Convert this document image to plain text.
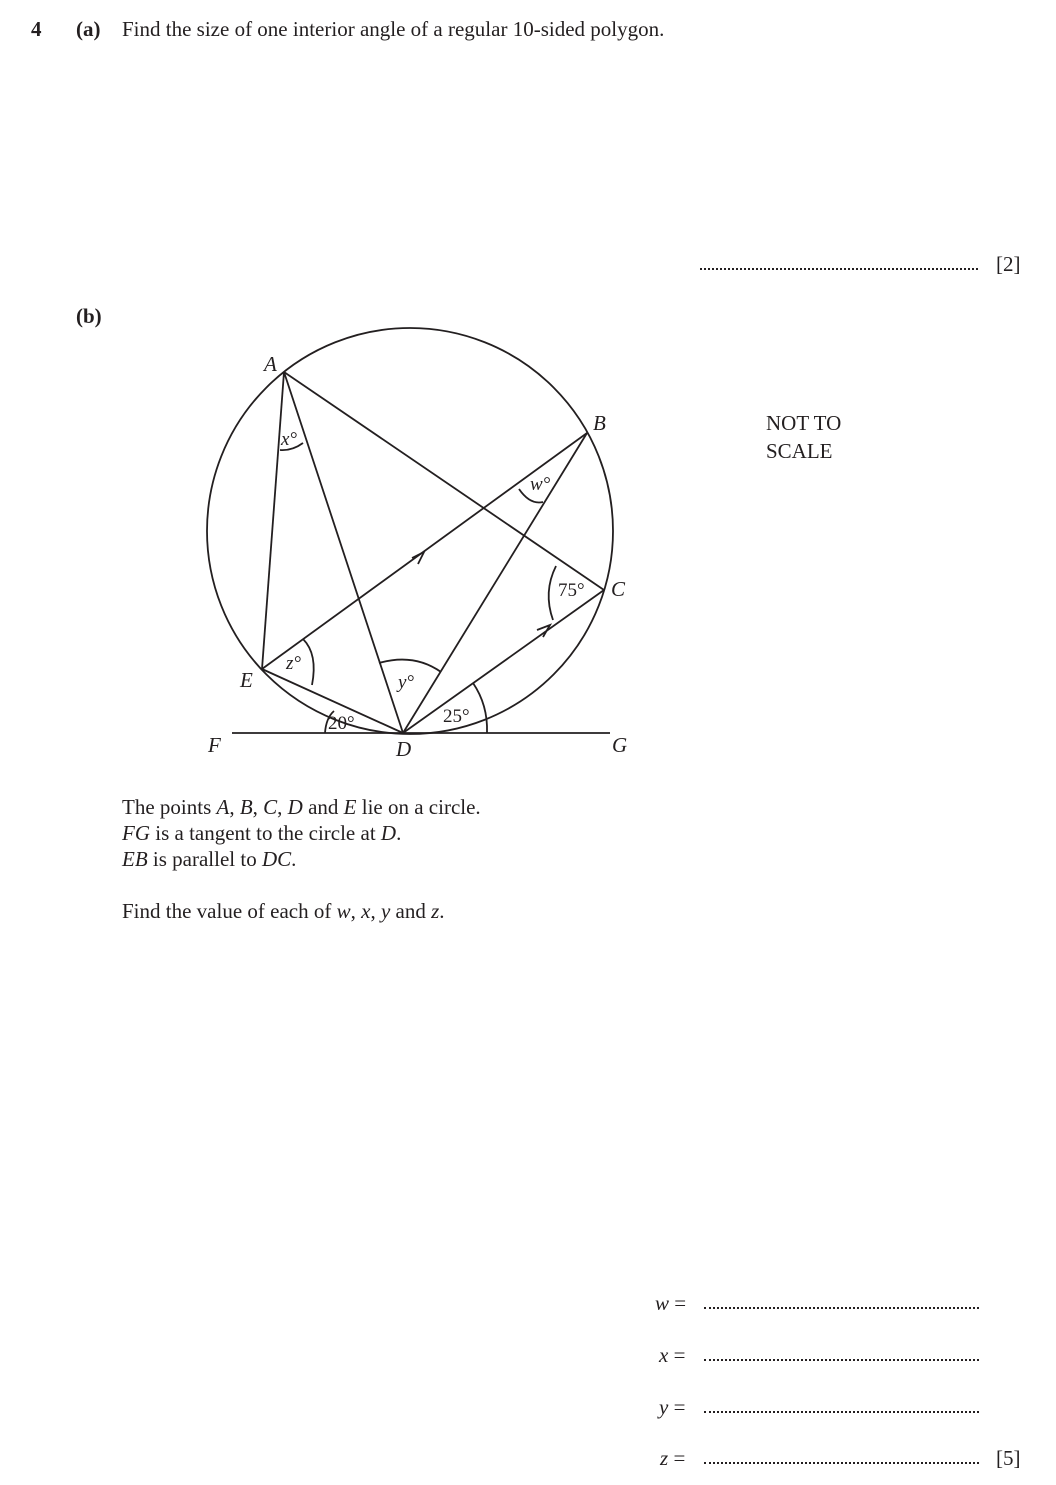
4 (a) Find the size of one interior angle of a regular 10-sided polygon.
[2]
(b)
NOT TO
SCALE
A
B
C
D
E
F	G
x°
w°
75°
z°
y°
20°	25°
The points A, B, C, D and E lie on a circle.
FG is a tangent to the circle at D.
EB is parallel to DC.
Find the value of each of w, x, y and z.
w =
x =
y =
z =	[5]
